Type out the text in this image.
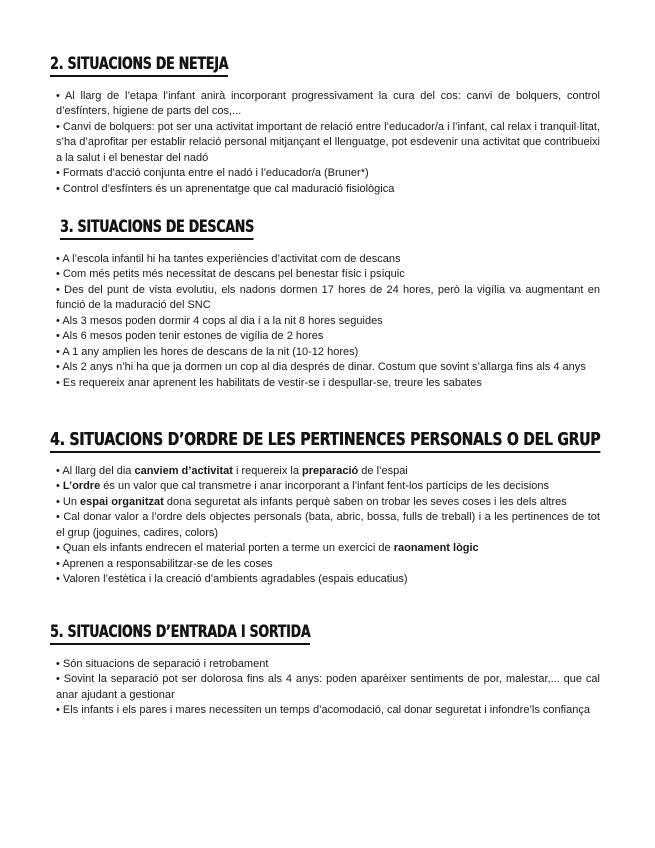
2. SITUACIONS DE NETEJA
• Al llarg de l’etapa l’infant anirà incorporant progressivament la cura del cos: canvi de bolquers, control d’esfínters, higiene de parts del cos,...
• Canvi de bolquers: pot ser una activitat important de relació entre l’educador/a i l’infant, cal relax i tranquil·litat, s’ha d’aprofitar per establir relació personal mitjançant el llenguatge, pot esdevenir una activitat que contribueixi a la salut i el benestar del nadó
• Formats d’acció conjunta entre el nadó i l’educador/a (Bruner*)
• Control d’esfínters és un aprenentatge que cal maduració fisiològica
3. SITUACIONS DE DESCANS
• A l’escola infantil hi ha tantes experiències d’activitat com de descans
• Com més petits més necessitat de descans pel benestar físic i psíquic
• Des del punt de vista evolutiu, els nadons dormen 17 hores de 24 hores, però la vigília va augmentant en funció de la maduració del SNC
• Als 3 mesos poden dormir 4 cops al dia i a la nit 8 hores seguides
• Als 6 mesos poden tenir estones de vigília de 2 hores
• A 1 any amplien les hores de descans de la nit (10-12 hores)
• Als 2 anys n’hi ha que ja dormen un cop al dia després de dinar. Costum que sovint s’allarga fins als 4 anys
• Es requereix anar aprenent les habilitats de vestir-se i despullar-se, treure les sabates
4. SITUACIONS D’ORDRE DE LES PERTINENCES PERSONALS O DEL GRUP
• Al llarg del dia canviem d’activitat i requereix la preparació de l’espai
• L’ordre és un valor que cal transmetre i anar incorporant a l’infant fent-los partícips de les decisions
• Un espai organitzat dona seguretat als infants perquè saben on trobar les seves coses i les dels altres
• Cal donar valor a l’ordre dels objectes personals (bata, abric, bossa, fulls de treball) i a les pertinences de tot el grup (joguines, cadires, colors)
• Quan els infants endrecen el material porten a terme un exercici de raonament lògic
• Aprenen a responsabilitzar-se de les coses
• Valoren l’estètica i la creació d’ambients agradables (espais educatius)
5. SITUACIONS D’ENTRADA I SORTIDA
• Són situacions de separació i retrobament
• Sovint la separació pot ser dolorosa fins als 4 anys: poden aparèixer sentiments de por, malestar,... que cal anar ajudant a gestionar
• Els infants i els pares i mares necessiten un temps d’acomodació, cal donar seguretat i infondre’ls confiança
